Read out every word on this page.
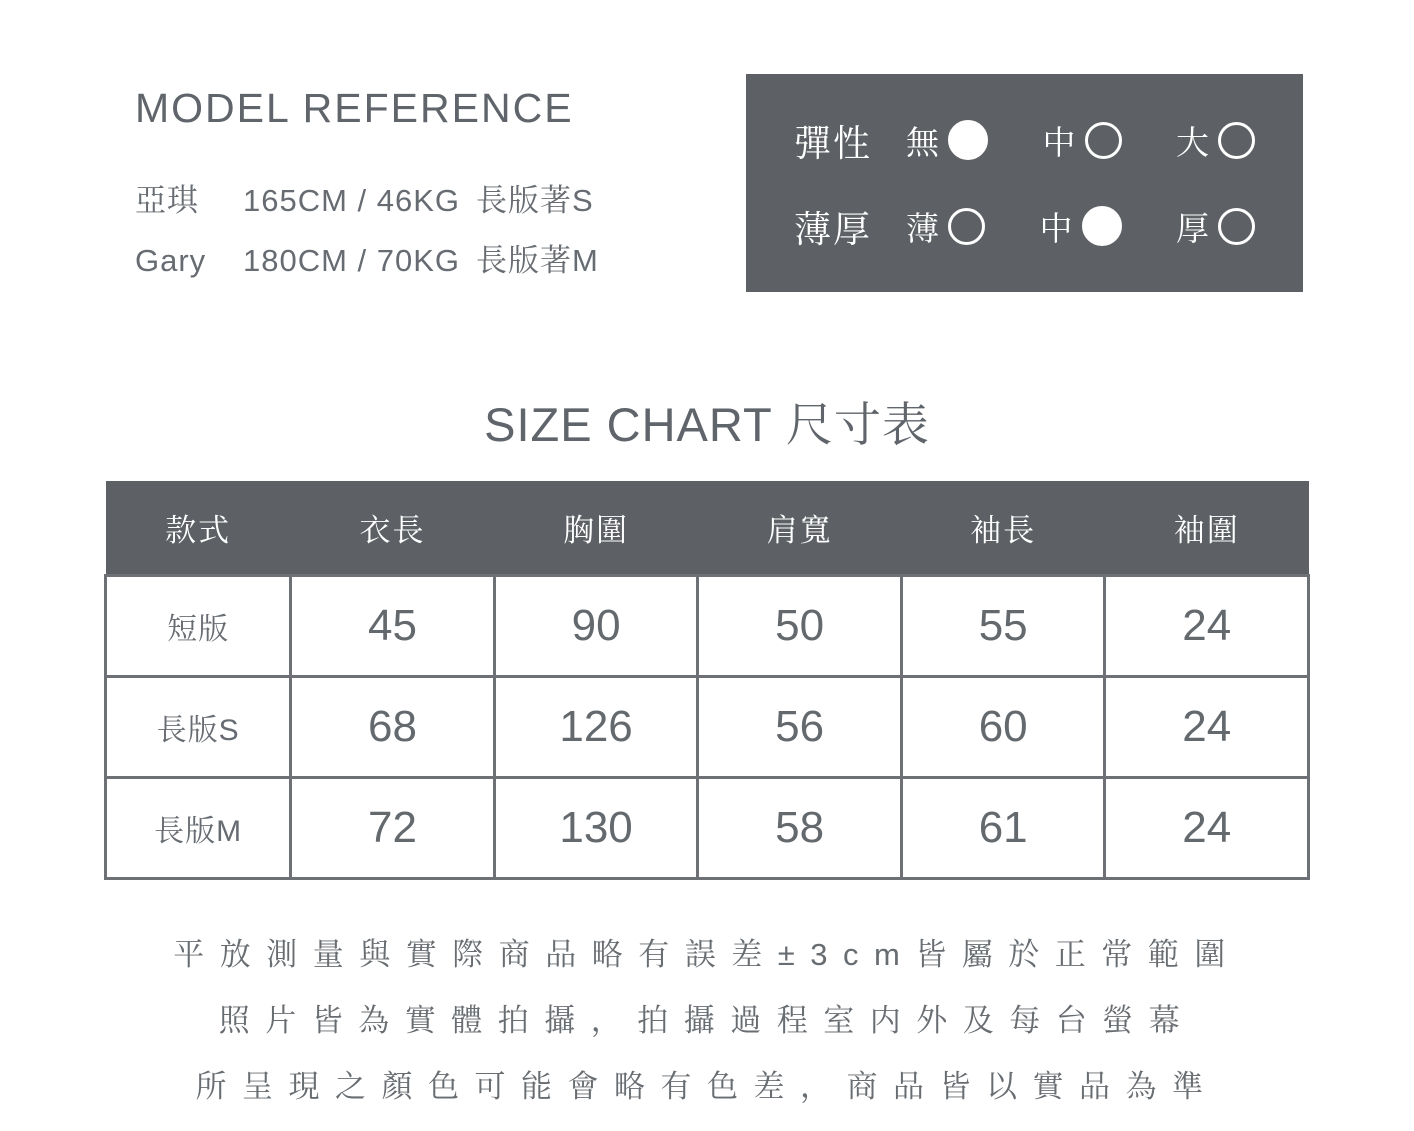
MODEL REFERENCE
亞琪	165CM / 46KG 長版著S
Gary	180CM / 70KG 長版著M
彈性 無	中	大
薄厚 薄	中	厚
SIZE CHART 尺寸表
款式	衣長	胸圍	肩寬	袖長	袖圍
短版	45	90	50	55	24
長版S	68	126	56	60	24
長版M	72	130	58	61	24
平放測量與實際商品略有誤差±3cm皆屬於正常範圍
照片皆為實體拍攝，拍攝過程室内外及每台螢幕
所呈現之顏色可能會略有色差，商品皆以實品為準
